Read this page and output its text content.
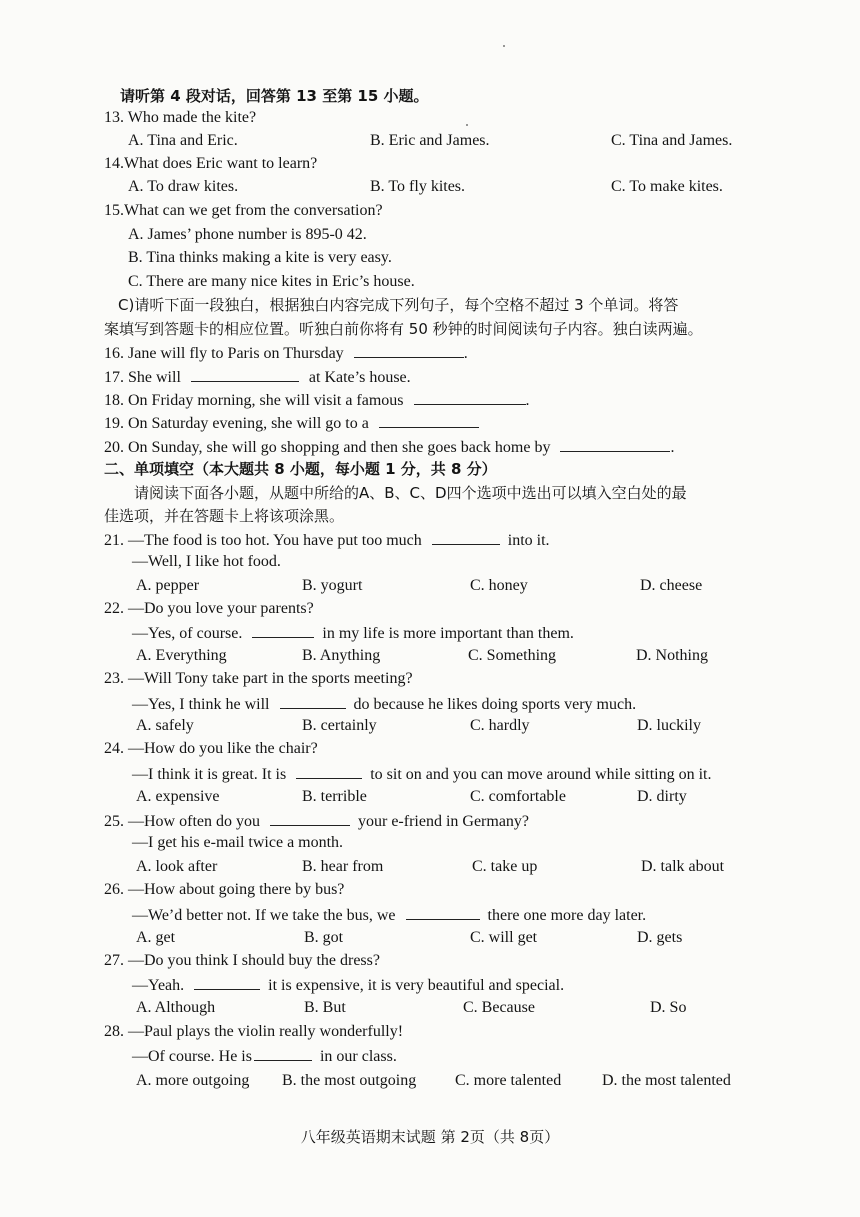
请听第 4 段对话，回答第 13 至第 15 小题。
13. Who made the kite?
A. Tina and Eric.	B. Eric and James.	C. Tina and James.
14.What does Eric want to learn?
A. To draw kites.	B. To fly kites.	C. To make kites.
15.What can we get from the conversation?
A. James’ phone number is 895-0 42.
B. Tina thinks making a kite is very easy.
C. There are many nice kites in Eric’s house.
C)请听下面一段独白，根据独白内容完成下列句子，每个空格不超过 3 个单词。将答
案填写到答题卡的相应位置。听独白前你将有 50 秒钟的时间阅读句子内容。独白读两遍。
16. Jane will fly to Paris on Thursday	.
17. She will	at Kate’s house.
18. On Friday morning, she will visit a famous	.
19. On Saturday evening, she will go to a
20. On Sunday, she will go shopping and then she goes back home by	.
二、单项填空（本大题共 8 小题，每小题 1 分，共 8 分）
请阅读下面各小题，从题中所给的A、B、C、D四个选项中选出可以填入空白处的最
佳选项，并在答题卡上将该项涂黑。
21. —The food is too hot. You have put too much	into it.
—Well, I like hot food.
A. pepper	B. yogurt	C. honey	D. cheese
22. —Do you love your parents?
—Yes, of course.	in my life is more important than them.
A. Everything	B. Anything	C. Something	D. Nothing
23. —Will Tony take part in the sports meeting?
—Yes, I think he will	do because he likes doing sports very much.
A. safely	B. certainly	C. hardly	D. luckily
24. —How do you like the chair?
—I think it is great. It is	to sit on and you can move around while sitting on it.
A. expensive	B. terrible	C. comfortable	D. dirty
25. —How often do you	your e-friend in Germany?
—I get his e-mail twice a month.
A. look after	B. hear from	C. take up	D. talk about
26. —How about going there by bus?
—We’d better not. If we take the bus, we	there one more day later.
A. get	B. got	C. will get	D. gets
27. —Do you think I should buy the dress?
—Yeah.	it is expensive, it is very beautiful and special.
A. Although	B. But	C. Because	D. So
28. —Paul plays the violin really wonderfully!
—Of course. He is	in our class.
A. more outgoing B. the most outgoing C. more talented	D. the most talented
八年级英语期末试题 第 2页（共 8页）
